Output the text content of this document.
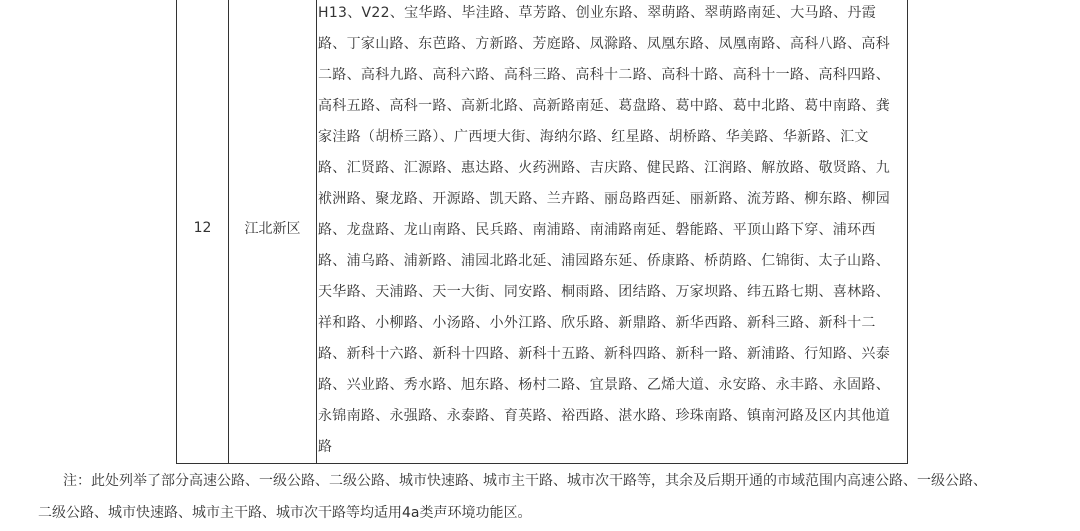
12 江北新区
H13、V22、宝华路、毕洼路、草芳路、创业东路、翠萌路、翠萌路南延、大马路、丹霞
路、丁家山路、东芭路、方新路、芳庭路、凤滁路、凤凰东路、凤凰南路、高科八路、高科
二路、高科九路、高科六路、高科三路、高科十二路、高科十路、高科十一路、高科四路、
高科五路、高科一路、高新北路、高新路南延、葛盘路、葛中路、葛中北路、葛中南路、龚
家洼路（胡桥三路）、广西埂大街、海纳尔路、红星路、胡桥路、华美路、华新路、汇文
路、汇贤路、汇源路、惠达路、火药洲路、吉庆路、健民路、江润路、解放路、敬贤路、九
袱洲路、聚龙路、开源路、凯天路、兰卉路、丽岛路西延、丽新路、流芳路、柳东路、柳园
路、龙盘路、龙山南路、民兵路、南浦路、南浦路南延、磐能路、平顶山路下穿、浦环西
路、浦乌路、浦新路、浦园北路北延、浦园路东延、侨康路、桥荫路、仁锦街、太子山路、
天华路、天浦路、天一大街、同安路、桐雨路、团结路、万家坝路、纬五路七期、喜林路、
祥和路、小柳路、小汤路、小外江路、欣乐路、新鼎路、新华西路、新科三路、新科十二
路、新科十六路、新科十四路、新科十五路、新科四路、新科一路、新浦路、行知路、兴泰
路、兴业路、秀水路、旭东路、杨村二路、宜景路、乙烯大道、永安路、永丰路、永固路、
永锦南路、永强路、永泰路、育英路、裕西路、湛水路、珍珠南路、镇南河路及区内其他道
路
注：此处列举了部分高速公路、一级公路、二级公路、城市快速路、城市主干路、城市次干路等，其余及后期开通的市域范围内高速公路、一级公路、
二级公路、城市快速路、城市主干路、城市次干路等均适用4a类声环境功能区。
